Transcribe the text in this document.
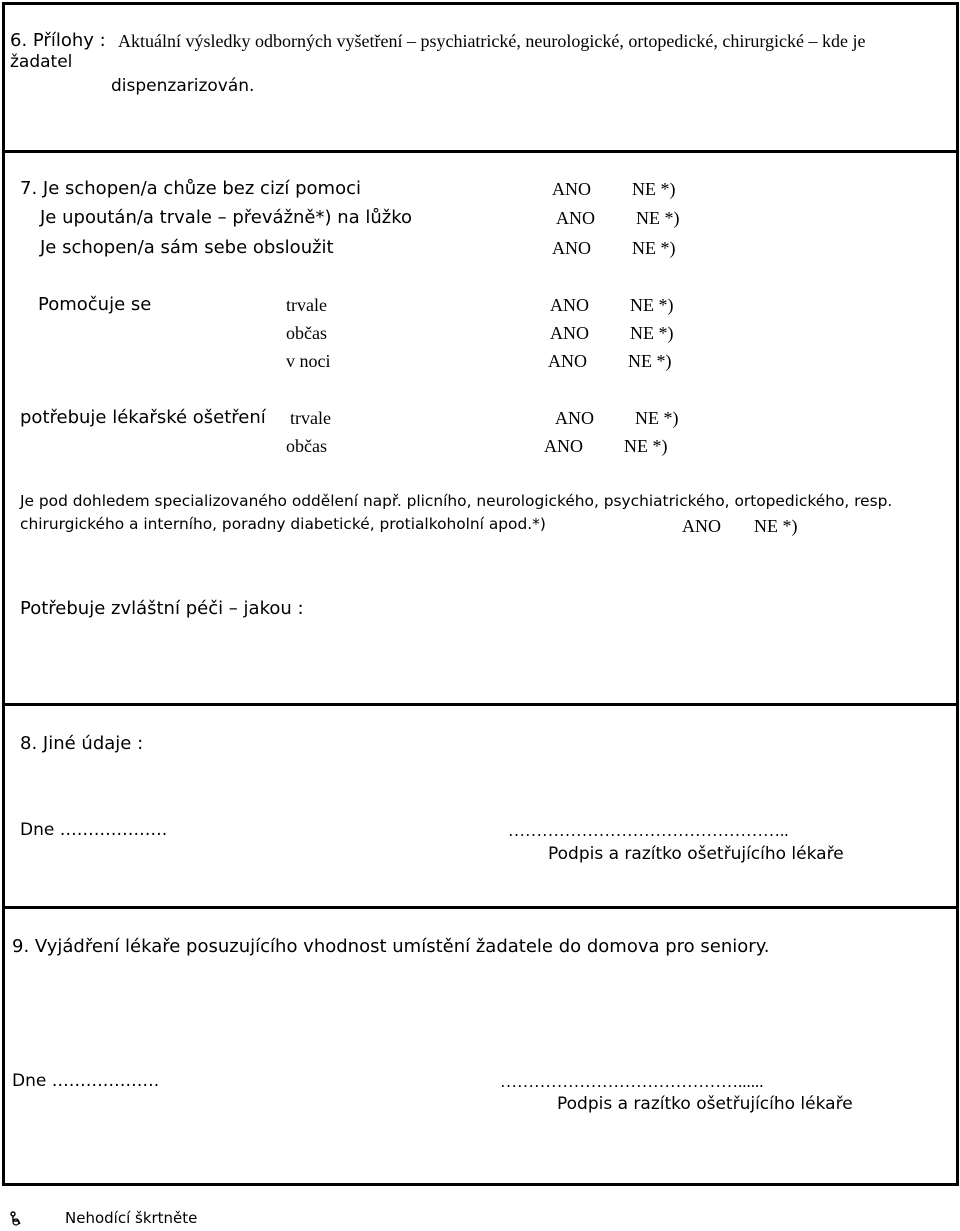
6. Přílohy : Aktuální výsledky odborných vyšetření – psychiatrické, neurologické, ortopedické, chirurgické – kde je
žadatel
dispenzarizován.
7. Je schopen/a chůze bez cizí pomoci	ANO NE *)
Je upoután/a trvale – převážně*) na lůžko	ANO NE *)
Je schopen/a sám sebe obsloužit	ANO NE *)
Pomočuje se	trvale	ANO NE *)
občas	ANO NE *)
v noci	ANO NE *)
potřebuje lékařské ošetření trvale	ANO NE *)
občas	ANO NE *)
Je pod dohledem specializovaného oddělení např. plicního, neurologického, psychiatrického, ortopedického, resp.
chirurgického a interního, poradny diabetické, protialkoholní apod.*)	ANO NE *)
Potřebuje zvláštní péči – jakou :
8. Jiné údaje :
Dne ……………….	…………………………………………..
Podpis a razítko ošetřujícího lékaře
9. Vyjádření lékaře posuzujícího vhodnost umístění žadatele do domova pro seniory.
Dne ……………….	……………………………………......
Podpis a razítko ošetřujícího lékaře
Nehodící škrtněte
